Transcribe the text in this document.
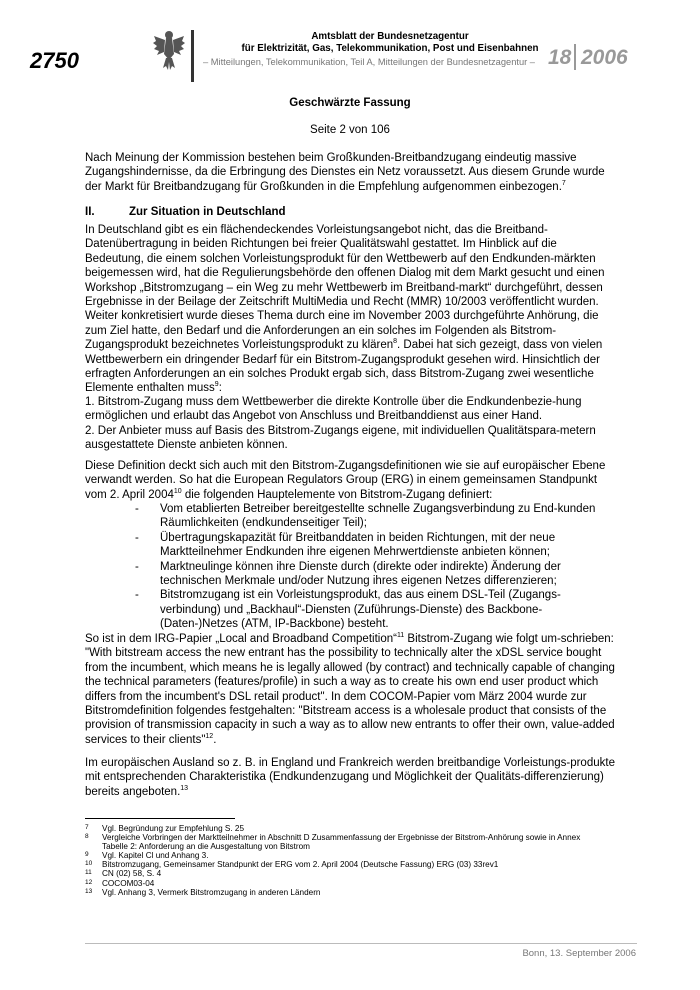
2750
Amtsblatt der Bundesnetzagentur
für Elektrizität, Gas, Telekommunikation, Post und Eisenbahnen
– Mitteilungen, Telekommunikation, Teil A, Mitteilungen der Bundesnetzagentur – 18 2006
Geschwärzte Fassung
Seite 2 von 106

Nach Meinung der Kommission bestehen beim Großkunden-Breitbandzugang eindeutig massive Zugangshindernisse, da die Erbringung des Dienstes ein Netz voraussetzt. Aus diesem Grunde wurde der Markt für Breitbandzugang für Großkunden in die Empfehlung aufgenommen einbezogen.$^7$

II.	Zur Situation in Deutschland

In Deutschland gibt es ein flächendeckendes Vorleistungsangebot nicht, das die Breitband-Datenübertragung in beiden Richtungen bei freier Qualitätswahl gestattet. Im Hinblick auf die Bedeutung, die einem solchen Vorleistungsprodukt für den Wettbewerb auf den Endkunden-märkten beigemessen wird, hat die Regulierungsbehörde den offenen Dialog mit dem Markt gesucht und einen Workshop „Bitstromzugang – ein Weg zu mehr Wettbewerb im Breitband-markt“ durchgeführt, dessen Ergebnisse in der Beilage der Zeitschrift MultiMedia und Recht (MMR) 10/2003 veröffentlicht wurden. Weiter konkretisiert wurde dieses Thema durch eine im November 2003 durchgeführte Anhörung, die zum Ziel hatte, den Bedarf und die Anforderungen an ein solches im Folgenden als Bitstrom-Zugangsprodukt bezeichnetes Vorleistungsprodukt zu klären$^8$. Dabei hat sich gezeigt, dass von vielen Wettbewerbern ein dringender Bedarf für ein Bitstrom-Zugangsprodukt gesehen wird. Hinsichtlich der erfragten Anforderungen an ein solches Produkt ergab sich, dass Bitstrom-Zugang zwei wesentliche Elemente enthalten muss$^9$:

1. Bitstrom-Zugang muss dem Wettbewerber die direkte Kontrolle über die Endkundenbezie-hung ermöglichen und erlaubt das Angebot von Anschluss und Breitbanddienst aus einer Hand.
2. Der Anbieter muss auf Basis des Bitstrom-Zugangs eigene, mit individuellen Qualitätspara-metern ausgestattete Dienste anbieten können.

Diese Definition deckt sich auch mit den Bitstrom-Zugangsdefinitionen wie sie auf europäischer Ebene verwandt werden. So hat die European Regulators Group (ERG) in einem gemeinsamen Standpunkt vom 2. April 2004$^{10}$ die folgenden Hauptelemente von Bitstrom-Zugang definiert:

- Vom etablierten Betreiber bereitgestellte schnelle Zugangsverbindung zu End-kunden Räumlichkeiten (endkundenseitiger Teil);
- Übertragungskapazität für Breitbanddaten in beiden Richtungen, mit der neue Marktteilnehmer Endkunden ihre eigenen Mehrwertdienste anbieten können;
- Marktneulinge können ihre Dienste durch (direkte oder indirekte) Änderung der technischen Merkmale und/oder Nutzung ihres eigenen Netzes differenzieren;
- Bitstromzugang ist ein Vorleistungsprodukt, das aus einem DSL-Teil (Zugangs-verbindung) und „Backhaul“-Diensten (Zuführungs-Dienste) des Backbone-(Daten-)Netzes (ATM, IP-Backbone) besteht.

So ist in dem IRG-Papier „Local and Broadband Competition“$^{11}$ Bitstrom-Zugang wie folgt um-schrieben: "With bitstream access the new entrant has the possibility to technically alter the xDSL service bought from the incumbent, which means he is legally allowed (by contract) and technically capable of changing the technical parameters (features/profile) in such a way as to create his own end user product which differs from the incumbent's DSL retail product". In dem COCOM-Papier vom März 2004 wurde zur Bitstromdefinition folgendes festgehalten: "Bitstream access is a wholesale product that consists of the provision of transmission capacity in such a way as to allow new entrants to offer their own, value-added services to their clients"$^{12}$.

Im europäischen Ausland so z. B. in England und Frankreich werden breitbandige Vorleistungs-produkte mit entsprechenden Charakteristika (Endkundenzugang und Möglichkeit der Qualitäts-differenzierung) bereits angeboten.$^{13}$

7 Vgl. Begründung zur Empfehlung S. 25
8 Vergleiche Vorbringen der Marktteilnehmer in Abschnitt D Zusammenfassung der Ergebnisse der Bitstrom-Anhörung sowie in Annex Tabelle 2: Anforderung an die Ausgestaltung von Bitstrom
9 Vgl. Kapitel Cl und Anhang 3.
10 Bitstromzugang, Gemeinsamer Standpunkt der ERG vom 2. April 2004 (Deutsche Fassung) ERG (03) 33rev1
11 CN (02) 58, S. 4
12 COCOM03-04
13 Vgl. Anhang 3, Vermerk Bitstromzugang in anderen Ländern
Bonn, 13. September 2006
